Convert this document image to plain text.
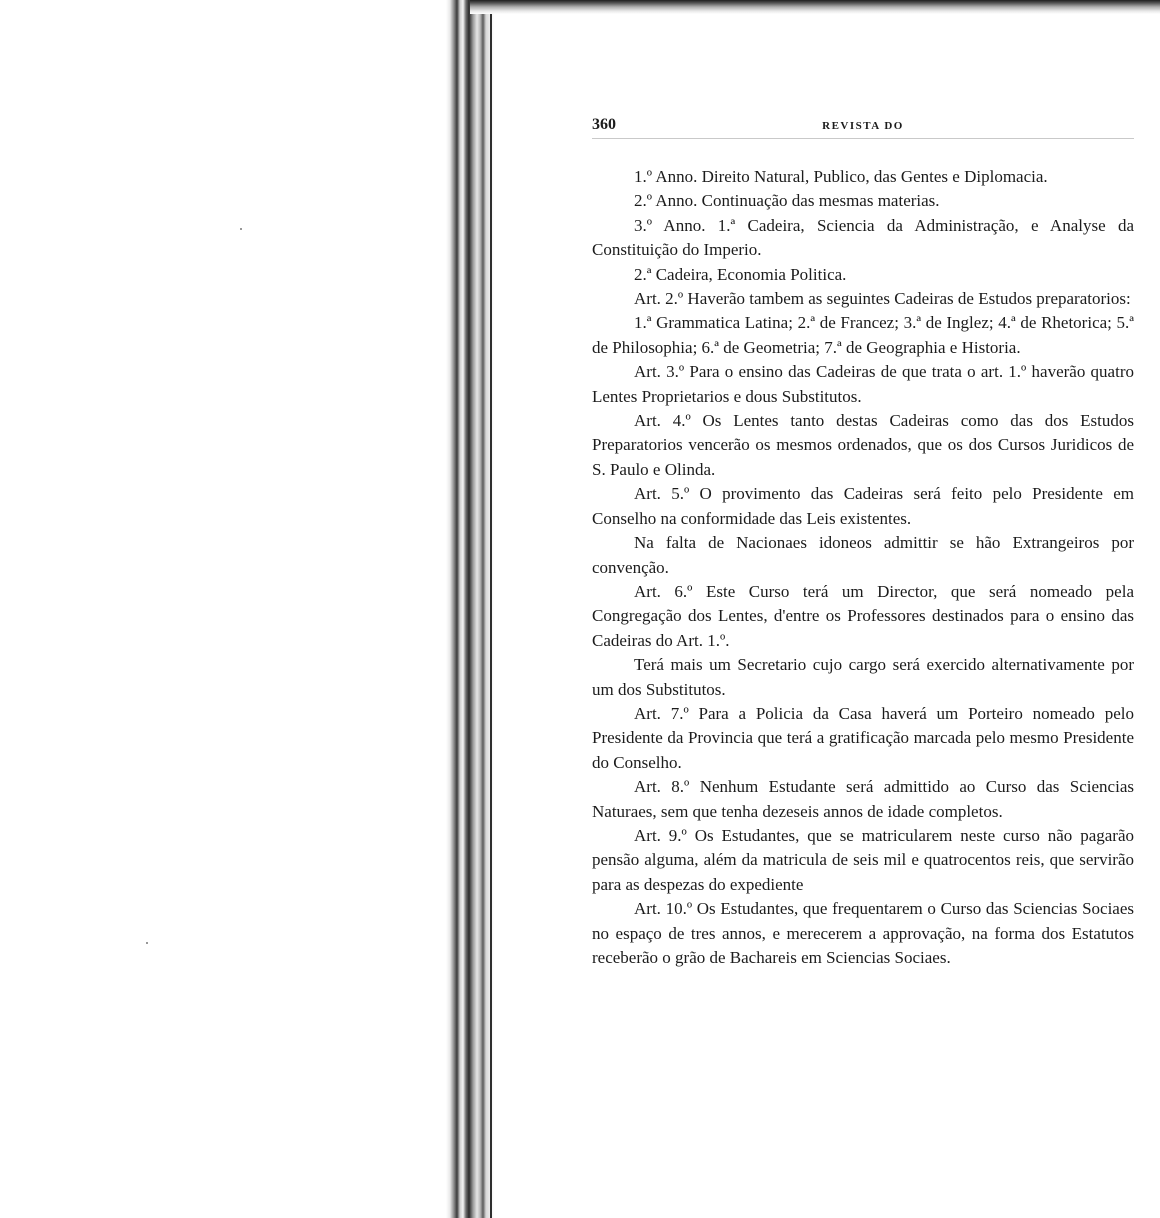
360	REVISTA DO

1.º Anno. Direito Natural, Publico, das Gentes e Diplomacia.

2.º Anno. Continuação das mesmas materias.

3.º Anno. 1.ª Cadeira, Sciencia da Administração, e Analyse da Constituição do Imperio.

2.ª Cadeira, Economia Politica.

Art. 2.º Haverão tambem as seguintes Cadeiras de Estudos preparatorios:

1.ª Grammatica Latina; 2.ª de Francez; 3.ª de Inglez; 4.ª de Rhetorica; 5.ª de Philosophia; 6.ª de Geometria; 7.ª de Geographia e Historia.

Art. 3.º Para o ensino das Cadeiras de que trata o art. 1.º haverão quatro Lentes Proprietarios e dous Substitutos.

Art. 4.º Os Lentes tanto destas Cadeiras como das dos Estudos Preparatorios vencerão os mesmos ordenados, que os dos Cursos Juridicos de S. Paulo e Olinda.

Art. 5.º O provimento das Cadeiras será feito pelo Presidente em Conselho na conformidade das Leis existentes.

Na falta de Nacionaes idoneos admittir se hão Extrangeiros por convenção.

Art. 6.º Este Curso terá um Director, que será nomeado pela Congregação dos Lentes, d'entre os Professores destinados para o ensino das Cadeiras do Art. 1.º.

Terá mais um Secretario cujo cargo será exercido alternativamente por um dos Substitutos.

Art. 7.º Para a Policia da Casa haverá um Porteiro nomeado pelo Presidente da Provincia que terá a gratificação marcada pelo mesmo Presidente do Conselho.

Art. 8.º Nenhum Estudante será admittido ao Curso das Sciencias Naturaes, sem que tenha dezeseis annos de idade completos.

Art. 9.º Os Estudantes, que se matricularem neste curso não pagarão pensão alguma, além da matricula de seis mil e quatrocentos reis, que servirão para as despezas do expediente

Art. 10.º Os Estudantes, que frequentarem o Curso das Sciencias Sociaes no espaço de tres annos, e merecerem a approvação, na forma dos Estatutos receberão o grão de Bachareis em Sciencias Sociaes.
